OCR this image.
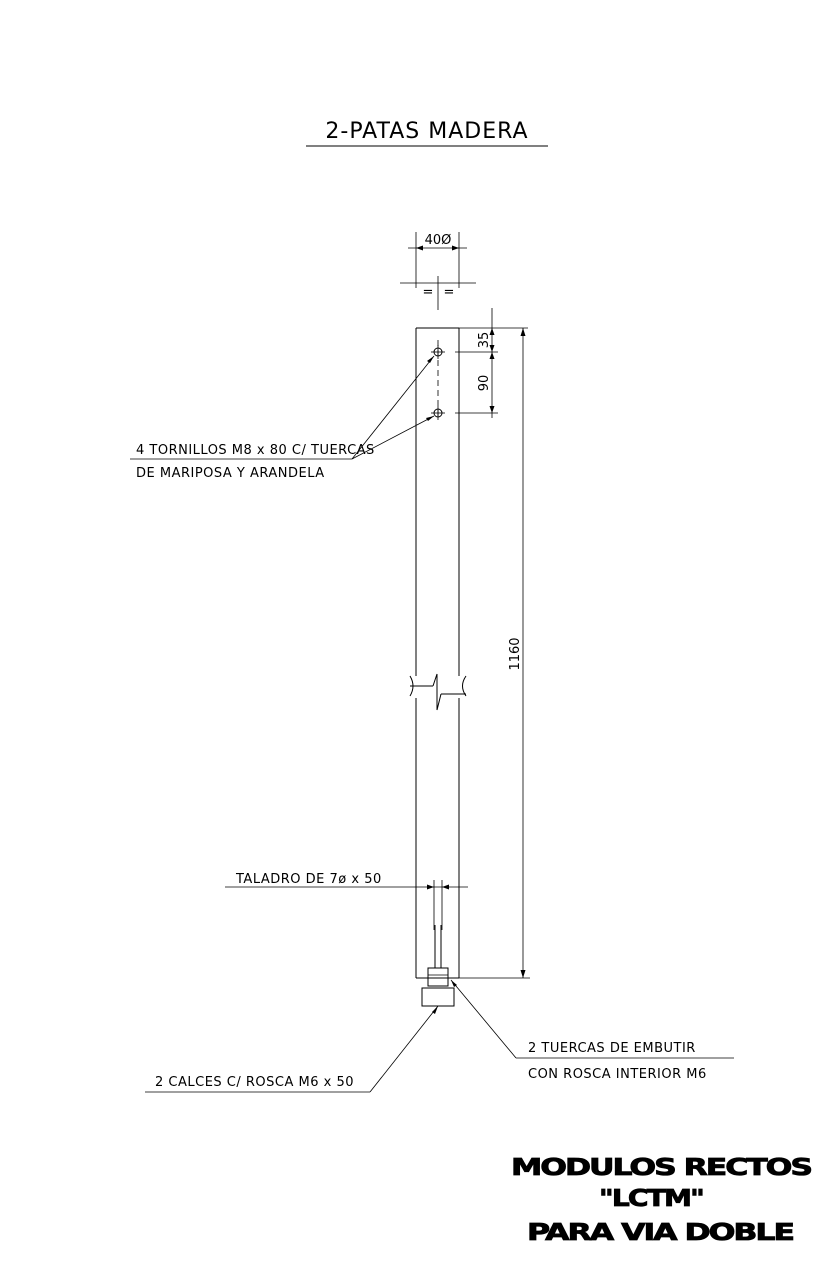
2-PATAS MADERA
40Ø
= =
35
90
1160
4 TORNILLOS M8 x 80 C/ TUERCAS
DE MARIPOSA Y ARANDELA
TALADRO DE 7ø x 50
2 TUERCAS DE EMBUTIR
CON ROSCA INTERIOR M6
2 CALCES C/ ROSCA M6 x 50
MODULOS RECTOS
"LCTM"
PARA VIA DOBLE
